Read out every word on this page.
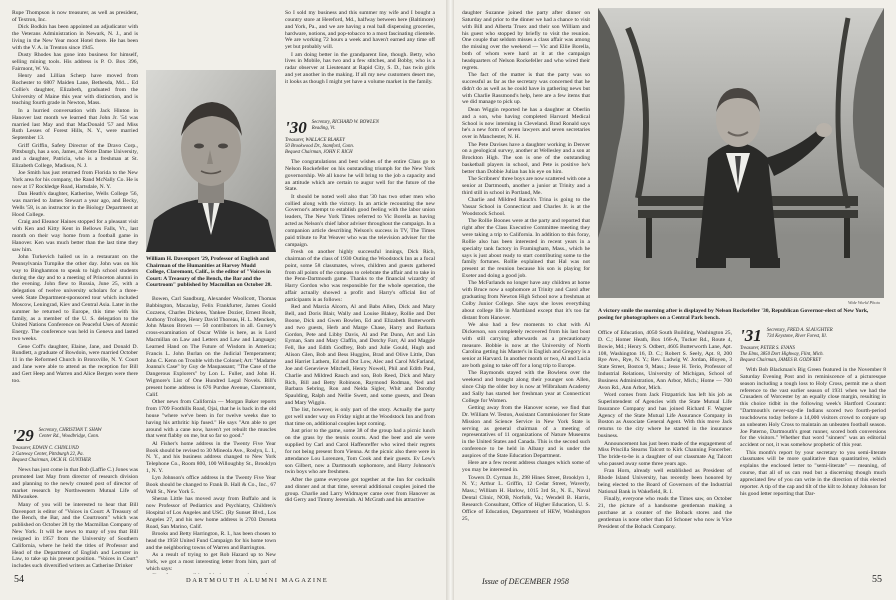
Rupe Thompson is now treasurer, as well as president, of Textron, Inc.

Dick Bodkin has been appointed an adjudicator with the Veterans Administration in Newark, N. J., and is living in the New Year moot Hotel there. He has been with the V. A. in Trenton since 1945.

Dusty Rhodes has gone into business for himself, selling mining tools. His address is P. O. Box 396, Fairmont, W. Va.

Henry and Lillian Scherp have moved from Rochester to 6807 Maiden Lane, Bethesda, Md.... Ed Collie's daughter, Elizabeth, graduated from the University of Maine this year with distinction, and is teaching fourth grade in Newton, Mass.

In a hurried conversation with Jack Hinton in Hanover last month we learned that John Jr. '54 was married last May and that MacDonald '57 and Miss Ruth Lesses of Forest Hills, N. Y., were married September 13.

Griff Griffin, Safety Director of the Dravo Corp., Pittsburgh, has a son, James, at Notre Dame University, and a daughter, Patricia, who is a freshman at St. Elizabeth College, Madison, N. J.

Joe Smith has just returned from Florida to the New York area for his company, the Rand McNally Co. He is now at 17 Rockledge Road, Hartsdale, N. Y.

Dan Heath's daughter, Katherine, Wells College '56, was married to James Stewart a year ago, and Becky, Wells '58, is an instructor in the Biology Department at Hood College.

Craig and Eleanor Haines stopped for a pleasant visit with Ken and Kitty Kent in Bellows Falls, Vt., last month on their way home from a football game in Hanover. Ken was much better than the last time they saw him.

John Turkevich hailed us in a restaurant on the Pennsylvania Turnpike the other day. John was on his way to Binghamton to speak to high school students during the day and to a meeting of Princeton alumni in the evening. John flew to Russia, June 25, with a delegation of twelve university scholars for a three-week State Department-sponsored tour which included Moscow, Leningrad, Kiev and Central Asia. Later in the summer he returned to Europe, this time with his family, as a member of the U. S. delegation to the United Nations Conference on Peaceful Uses of Atomic Energy. The conference was held in Geneva and lasted two weeks.

Gene Coff's daughter, Elaine, Jane, and Donald D. Rundlett, a graduate of Bowdoin, were married October 11 in the Reformed Church in Bronxville, N. Y. Court and Jane were able to attend as the reception for Bill and Gert Heep and Warren and Alice Bergen were there too.

'29 Secretary, CHRISTIAN T. SHAW
Center Rd., Woodbridge, Conn.
Treasurer, EDWIN C. CHINLUND
2 Gateway Center, Pittsburgh 22, Pa.
Bequest Chairman, JACK H. GUNTHER

News has just come in that Bob (Laffie C.) Jones was promoted last May from director of research division and planning to the newly created post of director of market research by Northwestern Mutual Life of Milwaukee.

Many of you will be interested to hear that Bill Davenport is editor of "Voices in Court: A Treasury of the Bench, the Bar, and the Courtroom" which was published on October 28 by the Macmillan Company of New York. It will be news to many of you that Bill resigned in 1957 from the University of Southern California, where he held the titles of Professor and Head of the Department of English and Lecturer in Law, to take up his present position. "Voices in Court" includes such diversified writers as Catherine Drinker

William H. Davenport '29, Professor of English and Chairman of the Humanities at Harvey Mudd College, Claremont, Calif., is the editor of "Voices in Court: A Treasury of the Bench, the Bar and the Courtroom" published by Macmillan on October 28.

Bowen, Carl Sandburg, Alexander Woollcott, Thomas Babbington, Macaulay, Felix Frankfurter, James Gould Cozzens, Charles Dickens, Yankee Dozier, Ernest Boult, Anthony Trollope, Henry David Thoreau, H. L. Mencken, John Mason Brown — 50 contributors in all. Gursey's cross-examination of Oscar Wilde is here, as is Lord Macmillan on Law and Letters and Law and Language; Learned Hand on The Future of Wisdom in America; Francis L. John Burlan on the Judicial Temperament; John C. Kenn on Trouble with the Colonel; Art: "Madame Joanna's Case" by Guy de Maupassant; "The Case of the Dangerous Explorers" by Lon L. Fuller, and John H. Wigmore's List of One Hundred Legal Novels. Bill's present home address is 676 Purdue Avenue, Claremont, Calif.

Other news from California — Morgan Baker reports from 1709 Foothills Road, Ojai, that he is back in the old house "where we've been in for twelve weeks due to having his arthritic hip fused." He says "Am able to get around with a cane now, haven't yet rebuilt the muscles that went flabby on me, but so far so good."

Al Fisher's home address in the Twenty Five Year Book should be revised to 30 Mineola Ave., Roslyn, L. I., N. Y., and his business address changed to New York Telephone Co., Room 800, 100 Willoughby St., Brooklyn 1, N. Y.

Lyn Johnson's office address in the Twenty Five Year Book should be changed to Frank B. Hall & Co., Inc., 67 Wall St., New York 5.

Sheran Little has moved away from Buffalo and is now Professor of Pediatrics and Psychiatry, Children's Hospital of Los Angeles and USC. (Ry Sunset Blvd., Los Angeles 27, and his new home address is 2703 Dorseta Road, San Marino, Calif.

Brooks and Betty Harrington, R. I., has been chosen to head the 1958 United Fund Campaign for his home town and the neighboring towns of Warren and Barrington.

As a result of trying to get Rob Hazard up to New York, we got a most interesting letter from him, part of which says:

So I sold my business and this summer my wife and I bought a country store at Hereford, Md., halfway between here (Baltimore) and York, Pa., and we are having a real ball dispensing groceries, hardware, notions, and pop-tobacco to a most fascinating clientele. We are working 72 hours a week and haven't earned any time off yet but probably will.

I am doing better in the grandparent line, though. Betty, who lives in Mobile, has two and a few stitches, and Bobby, who is a radar observer at Lieutenant at Rapid City, S. D., has twin girls and yet another in the making. If all my new customers desert me, it looks as though I might yet have a volume market in the family.

'30 Secretary, RICHARD W. BOWLEN
Reading, Vt.
Treasurer, WALLACE BLAKEY
50 Brookwood Dr., Stamford, Conn.
Bequest Chairman, JOHN F. RICH

The congratulations and best wishes of the entire Class go to Nelson Rockefeller on his outstanding triumph for the New York governorship. We all know he will bring to the job a capacity and an attitude which are certain to augur well for the future of the State.

It should be noted well also that '30 has two other men who collied along with the victory. In an article recounting the new Governor's attempt to establish good feeling with the labor union leaders, The New York Times referred to Vic Borella as having acted as Nelson's chief labor adviser throughout the campaign. In a companion article describing Nelson's success in TV, The Times paid tribute to Pat Weaver who was the television adviser for the campaign.

Fresh on another highly successful innings, Dick Rich, chairman of the class of 1930 Outing the Woodstock Inn as a focal point, some 58 classmates, wives, children and guests gathered from all points of the compass to celebrate the affair and to take in the Penn-Dartmouth game. Thanks to the financial wizardry of Harry Gordon who was responsible for the whole operation, the affair actually showed a profit and Harry's official list of participants is as follows:

Red and Marcia Alcorn, Al and Babs Allen, Dick and Mary Bell, and Doris Blair, Wally and Louise Blakey, Rollie and Dot Boone, Dick and Gwen Bowlen, Ed and Elizabeth Butterworth and two guests, Herb and Marge Chase, Harry and Barbara Gordon, Pete and Libby Davis, Al and Pat Dunn, Art and Lin Eyman, Sam and Mary Claffin, and Dotchy Farr, Al and Maggie Fell, Ike and Edith Godfrey, Bob and Julie Gould, Hugh and Alison Glen, Bob and Bess Huggins, Brad and Olive Little, Dan and Harriet Lathem, Ed and Dot Low, Alec and Carol McFarland, Joe and Genevieve Mitchell, Henry Nowell, Phil and Edith Paul, Charlie and Mildred Rauch and son, Bob Reed, Dick and Mary Rich, Bill and Betty Robinson, Raymond Rodman, Ned and Barbara Sebring, Ron and Nelda Sigler, Whit and Dorothy Spaulding, Ralph and Nellie Swett, and some guests, and Dean and Mary Wiggin.

The list, however, is only part of the story. Actually the party got well under way on Friday night at the Woodstock Inn and from that time on, additional couples kept coming.

Just prior to the game, some 38 of the group had a picnic lunch on the grass by the tennis courts. And the beer and ale were supplied by Carl and Carol Haffenreffer who wired their regrets for not being present from Vienna. At the picnic also there were in attendance Lou Lorenzen, Tom Cook and their guests. Ev Lew's son Gilbert, now a Dartmouth sophomore, and Harry Johnson's twin boys who are freshmen.

After the game everyone got together at the Inn for cocktails and dinner and at that time, several additional couples joined the group. Charlie and Larry Widmayer came over from Hanover as did Gerry and Timmy Jeremiah. Al McGrath and his attractive

54	DARTMOUTH ALUMNI MAGAZINE

daughter Suzanne joined the party after dinner on Saturday and prior to the dinner we had a chance to visit with Bill and Alberta Truex and their son William and his guest who stopped by briefly to visit the reunion. One couple that seldom misses a class affair was among the missing over the weekend — Vic and Ellie Borella, both of whom were hard at it at the campaign headquarters of Nelson Rockefeller and who wired their regrets.

The fact of the matter is that the party was so successful as far as the secretary was concerned that he didn't do as well as he could have in gathering news but with Charlie Rassmond's help, here are a few items that we did manage to pick up.

Dean Wiggin reported he has a daughter at Oberlin and a son, who having completed Harvard Medical School is now interning in Cleveland. Brad Ronald says he's a new form of seven lawyers and seven secretaries over in Manchester, N. H.

The Pete Davises have a daughter working in Denver on a geological survey, another at Wellesley and a son at Brockton High. The son is one of the outstanding basketball players in school, and Pete is positive he's better than Dobbie Julian has his eye on him.

The Scribners' three boys are now scattered with one a senior at Dartmouth, another a junior at Trinity and a third still in school in Portland, Me.

Charlie and Mildred Rauch's Trina is going to the Vassar School in Connecticut and Charles Jr. is at the Woodstock School.

The Rollie Boones were at the party and reported that right after the Class Executive Committee meeting they were taking a trip to California. In addition to this foray, Rollie also has been interested in recent years in a specialty tank factory in Framingham, Mass., which he says is just about ready to start contributing some to the family fortunes. Rollie explained that Hal was not present at the reunion because his son is playing for Exeter and doing a good job.

The McFarlands no longer have any children at home with Bruce now a sophomore at Trinity and Carol after graduating from Newton High School now a freshman at Colby Junior College. She says she loves everything about college life in Marthland except that it's too far distant from Hanover.

We also had a few moments to chat with Al Dickerson, son completely recovered from his last bout with still carrying afterwards as a precautionary measure. Bobbie is now at the University of North Carolina getting his Master's in English and Gregory is a senior at Harvard. In another month or two, Al and Lucia are both going to take off for a long trip to Europe.

The Raymonds stayed with the Bowlens over the weekend and brought along their younger son Allen, since Chip the older boy is now at Wilbraham Academy and Sally has started her freshman year at Connecticut College for Women.

Getting away from the Hanover scene, we find that Dr. William W. Teston, Assistant Commissioner for State Mission and Science Service in New York State is serving as general chairman of a meeting of representatives of 11 organizations of Nature Museums in the United States and Canada. This is the second such conference to be held in Albany and is under the auspices of the State Education Department.

Here are a few recent address changes which some of you may be interested in.

Towers D. Cyrman Jr., 298 Hines Street, Brooklyn 1, N. Y.; Arthur L. Griffin, 12 Cedar Street, Waverly, Mass.; William H. Harlow, 1015 3rd St., N. E., Naval Dental Clinic, NOB, Norfolk, Va.; Wendell B. Harris, Research Consultant, Office of Higher Education, U. S. Office of Education, Department of HEW, Washington 25,

Wide World Photo
A victory smile the morning after is displayed by Nelson Rockefeller '30, Republican Governor-elect of New York, posing for photographers on a Central Park bench.

Office of Education, 4050 South Building, Washington 25, D. C.; Homer Heath, Box 166-A, Tucker Rd., Route 4, Bowie, Md.; Henry S. Odbert, 4605 Butterworth Lane, Apt. 108, Washington 16, D. C.; Robert S. Seely, Apt. 8, 200 Rye Ave., Rye, N. Y.; Rev. Ludwig W. Jordan, Bloyen, 3 State Street, Boston 9, Mass.; Jesse H. Terio, Professor of Industrial Relations, University of Michigan, School of Business Administration, Ann Arbor, Mich.; Home — 700 Avon Rd., Ann Arbor, Mich.

Word comes from Jack Fitzpatrick has left his job as Superintendent of Agencies with the State Mutual Life Insurance Company and has joined Richard F. Wagner Agency of the State Mutual Life Assurance Company in Boston as Associate General Agent. With this move Jack returns to the city where he started in the insurance business.

Announcement has just been made of the engagement of Miss Priscilla Stearns Talcott to Kirk Channing Foncerber. The bride-to-be is a daughter of our classmate Ag Talcott who passed away some three years ago.

Fran Horn, already well established as President of Rhode Island University, has recently been honored by being elected to the Board of Governors of the Industrial National Bank in Wakefield, R. I.

Finally, everyone who reads the Times saw, on October 21, the picture of a handsome gentleman making a purchase at a counter of the Boback stores and the gentleman is none other than Ed Schoner who now is Vice President of the Bohack Company.

'31 Secretary, FRED A. SLAUGHTER
734 Keystone, River Forest, Ill.
Treasurer, PETER S. EVANS
The Elms, 3850 Dort Highway, Flint, Mich.
Bequest Chairman, JAMES B. GODFREY

With Bob Blackman's Big Green featured in the November 8 Saturday Evening Post and in reminiscence of a picturesque season including a tough loss to Holy Cross, permit me a short reference to the vast earlier season of 1931 when we had the Crusaders of Worcester by an equally close margin, resulting in this choice tidbit in the following week's Hartford Courant: "Dartmouth's never-say-die Indians scored two fourth-period touchdowns today before a 14,000 visitors crowd to conjure up an unbeaten Holy Cross to maintain an unbeaten football season. Joe Paterno, Dartmouth's great runner, scored both conversions for the visitors." Whether that word "sinners" was an editorial accident or not, it was somehow prophetic of this year.

This month's report by your secretary to you semi-literate classmates will be more qualitative than quantitative, which explains the enclosed letter to "semi-literate" — meaning, of course, that all of us can read but a discerning though much appreciated few of you can write in the direction of this elected reporter. A tip of the cap and tilt of the kilt to Johnny Johnson for his good letter reporting that Dar-

Issue of DECEMBER 1958	55
